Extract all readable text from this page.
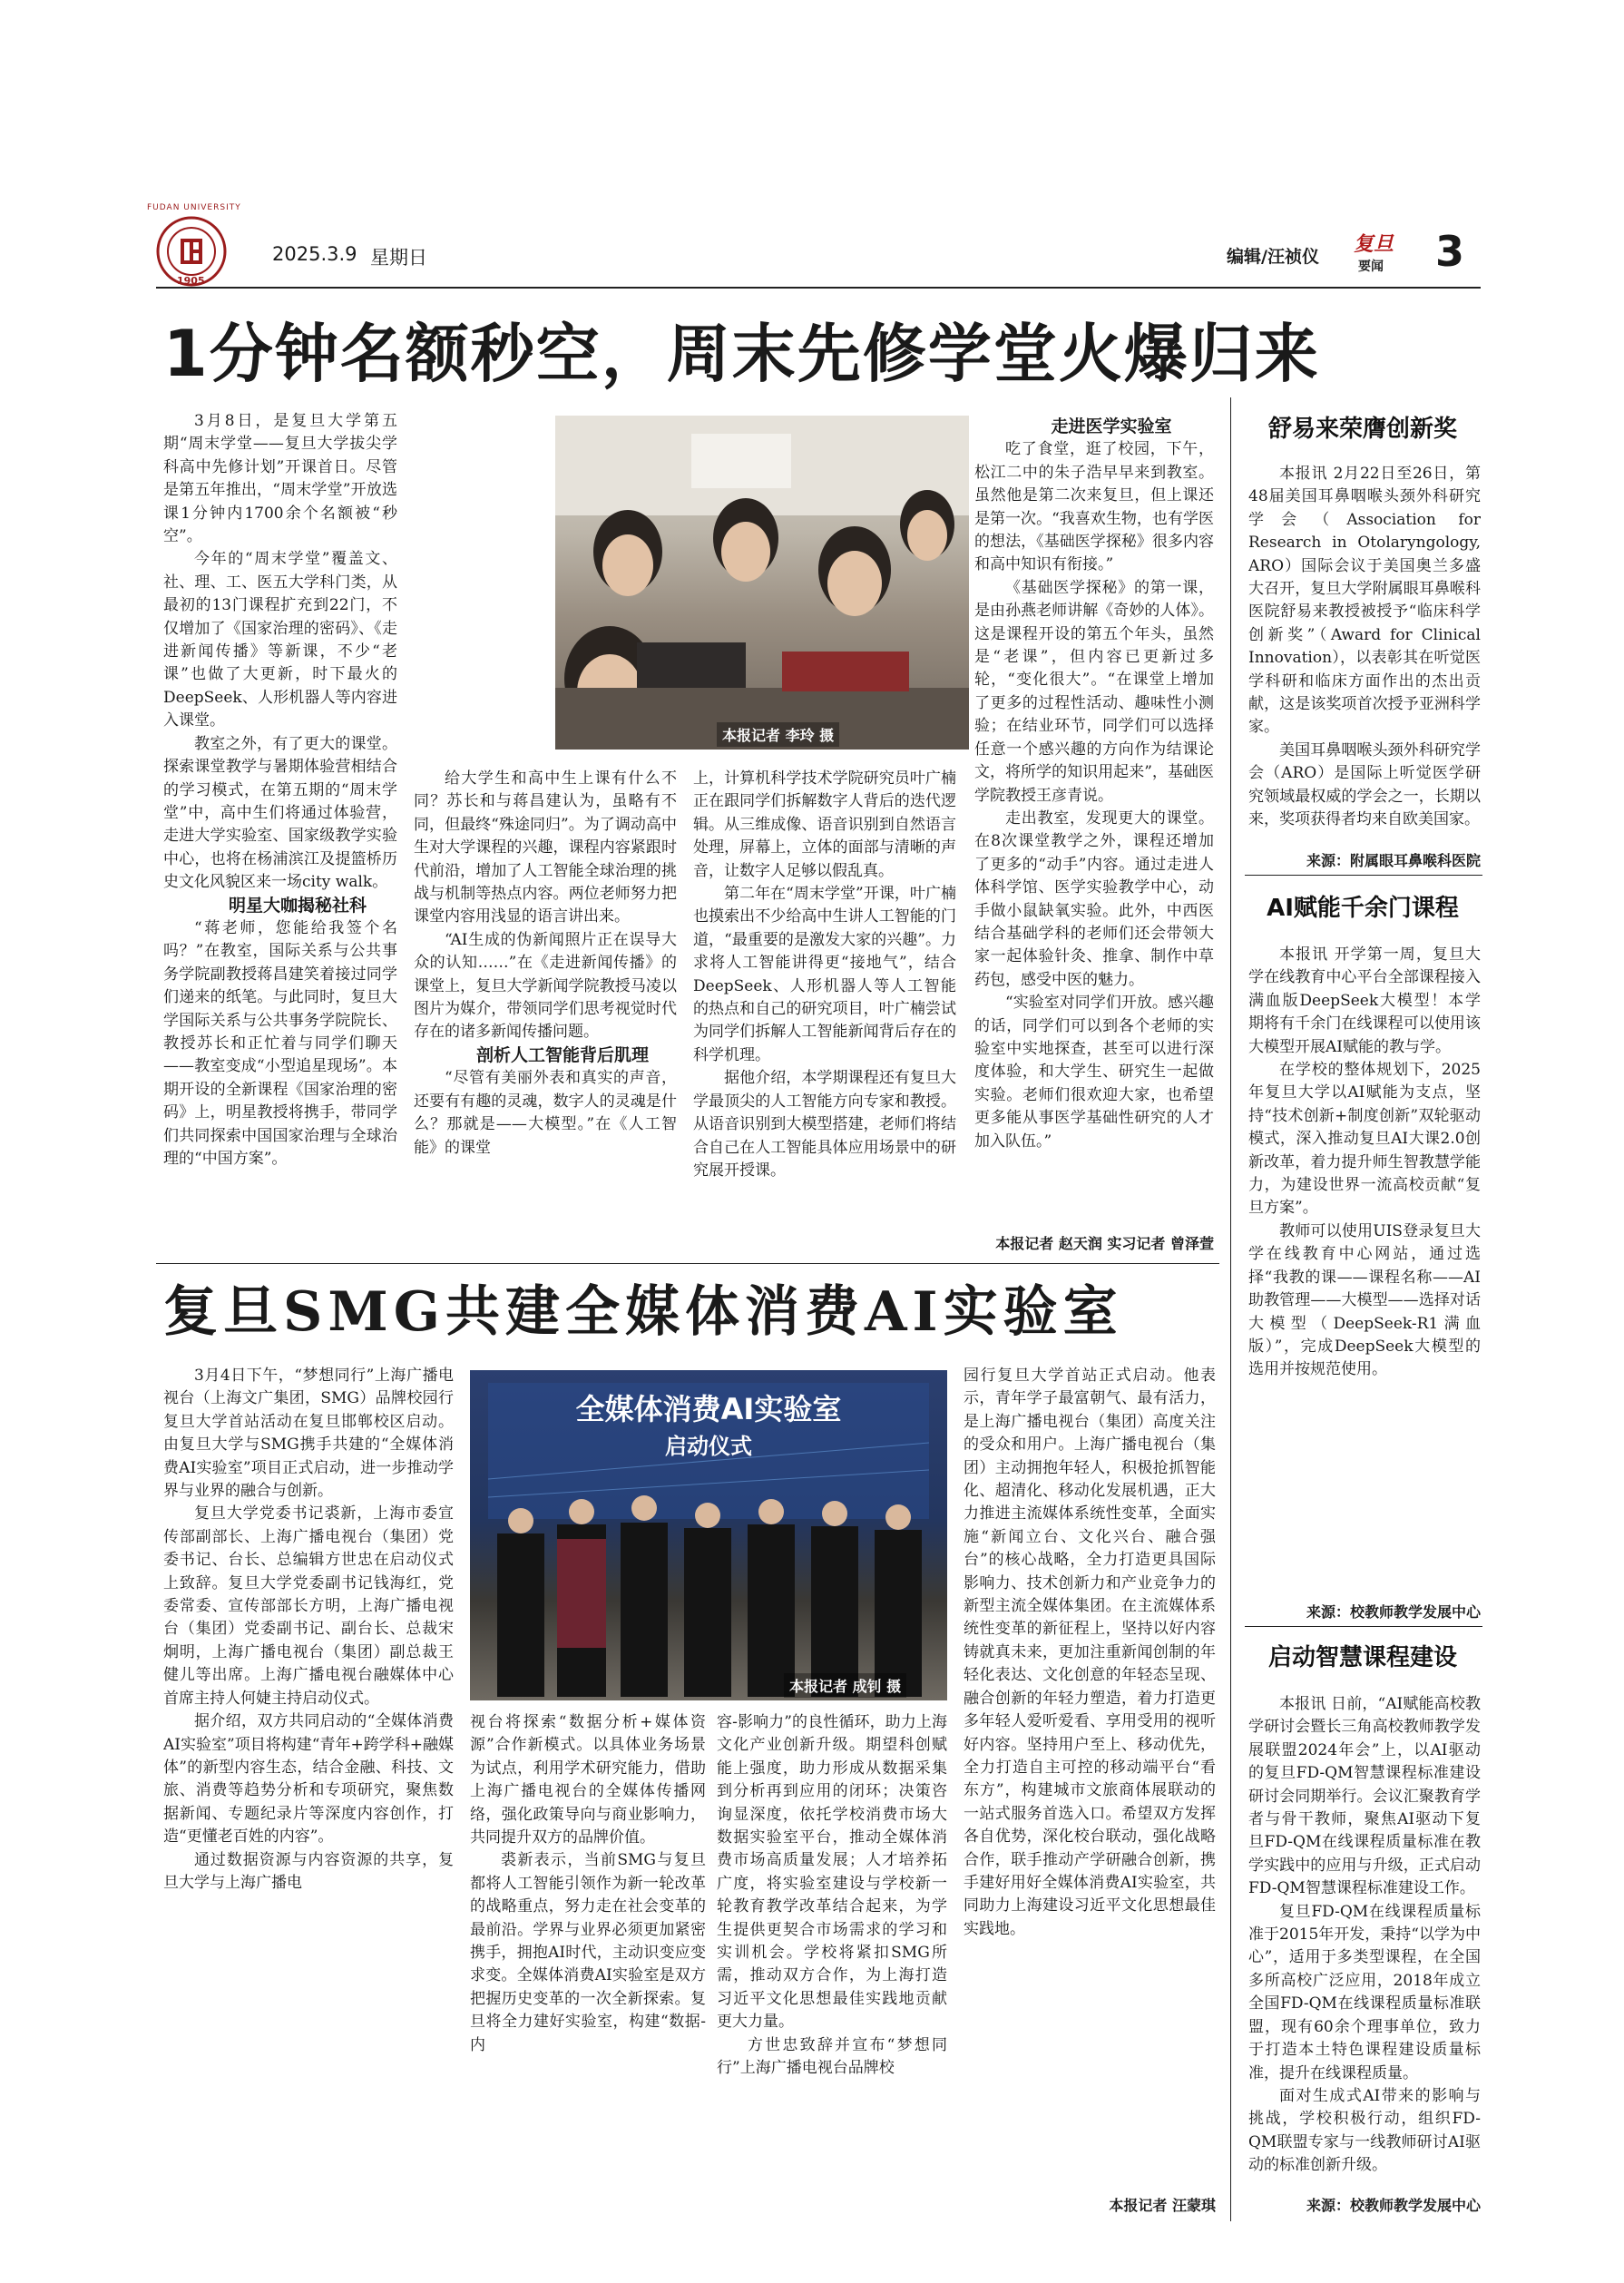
1905
FUDAN UNIVERSITY
2025.3.9 星期日	编辑/汪祯仪
复旦
要闻 3
1分钟名额秒空，周末先修学堂火爆归来
本报记者 李玲 摄

3月8日，是复旦大学第五期“周末学堂——复旦大学拔尖学科高中先修计划”开课首日。尽管是第五年推出，“周末学堂”开放选课1分钟内1700余个名额被“秒空”。

今年的“周末学堂”覆盖文、社、理、工、医五大学科门类，从最初的13门课程扩充到22门，不仅增加了《国家治理的密码》、《走进新闻传播》等新课，不少“老课”也做了大更新，时下最火的DeepSeek、人形机器人等内容进入课堂。

教室之外，有了更大的课堂。探索课堂教学与暑期体验营相结合的学习模式，在第五期的“周末学堂”中，高中生们将通过体验营，走进大学实验室、国家级教学实验中心，也将在杨浦滨江及提篮桥历史文化风貌区来一场city walk。

明星大咖揭秘社科

“蒋老师，您能给我签个名吗？”在教室，国际关系与公共事务学院副教授蒋昌建笑着接过同学们递来的纸笔。与此同时，复旦大学国际关系与公共事务学院院长、教授苏长和正忙着与同学们聊天——教室变成“小型追星现场”。本期开设的全新课程《国家治理的密码》上，明星教授将携手，带同学们共同探索中国国家治理与全球治理的“中国方案”。

给大学生和高中生上课有什么不同？苏长和与蒋昌建认为，虽略有不同，但最终“殊途同归”。为了调动高中生对大学课程的兴趣，课程内容紧跟时代前沿，增加了人工智能全球治理的挑战与机制等热点内容。两位老师努力把课堂内容用浅显的语言讲出来。

“AI生成的伪新闻照片正在误导大众的认知……”在《走进新闻传播》的课堂上，复旦大学新闻学院教授马凌以图片为媒介，带领同学们思考视觉时代存在的诸多新闻传播问题。

剖析人工智能背后肌理

“尽管有美丽外表和真实的声音，还要有有趣的灵魂，数字人的灵魂是什么？那就是——大模型。”在《人工智能》的课堂

上，计算机科学技术学院研究员叶广楠正在跟同学们拆解数字人背后的迭代逻辑。从三维成像、语音识别到自然语言处理，屏幕上，立体的面部与清晰的声音，让数字人足够以假乱真。

第二年在“周末学堂”开课，叶广楠也摸索出不少给高中生讲人工智能的门道，“最重要的是激发大家的兴趣”。力求将人工智能讲得更“接地气”，结合DeepSeek、人形机器人等人工智能的热点和自己的研究项目，叶广楠尝试为同学们拆解人工智能新闻背后存在的科学机理。

据他介绍，本学期课程还有复旦大学最顶尖的人工智能方向专家和教授。从语音识别到大模型搭建，老师们将结合自己在人工智能具体应用场景中的研究展开授课。

走进医学实验室

吃了食堂，逛了校园，下午，松江二中的朱子浩早早来到教室。虽然他是第二次来复旦，但上课还是第一次。“我喜欢生物，也有学医的想法，《基础医学探秘》很多内容和高中知识有衔接。”

《基础医学探秘》的第一课，是由孙燕老师讲解《奇妙的人体》。这是课程开设的第五个年头，虽然是“老课”，但内容已更新过多轮，“变化很大”。“在课堂上增加了更多的过程性活动、趣味性小测验；在结业环节，同学们可以选择任意一个感兴趣的方向作为结课论文，将所学的知识用起来”，基础医学院教授王彦青说。

走出教室，发现更大的课堂。在8次课堂教学之外，课程还增加了更多的“动手”内容。通过走进人体科学馆、医学实验教学中心，动手做小鼠缺氧实验。此外，中西医结合基础学科的老师们还会带领大家一起体验针灸、推拿、制作中草药包，感受中医的魅力。

“实验室对同学们开放。感兴趣的话，同学们可以到各个老师的实验室中实地探查，甚至可以进行深度体验，和大学生、研究生一起做实验。老师们很欢迎大家，也希望更多能从事医学基础性研究的人才加入队伍。”

本报记者 赵天润 实习记者 曾泽萱
复旦SMG共建全媒体消费AI实验室
全媒体消费AI实验室
启动仪式
本报记者 成钊 摄

3月4日下午，“梦想同行”上海广播电视台（上海文广集团，SMG）品牌校园行复旦大学首站活动在复旦邯郸校区启动。由复旦大学与SMG携手共建的“全媒体消费AI实验室”项目正式启动，进一步推动学界与业界的融合与创新。

复旦大学党委书记裘新，上海市委宣传部副部长、上海广播电视台（集团）党委书记、台长、总编辑方世忠在启动仪式上致辞。复旦大学党委副书记钱海红，党委常委、宣传部部长方明，上海广播电视台（集团）党委副书记、副台长、总裁宋炯明，上海广播电视台（集团）副总裁王健儿等出席。上海广播电视台融媒体中心首席主持人何婕主持启动仪式。

据介绍，双方共同启动的“全媒体消费AI实验室”项目将构建“青年+跨学科+融媒体”的新型内容生态，结合金融、科技、文旅、消费等趋势分析和专项研究，聚焦数据新闻、专题纪录片等深度内容创作，打造“更懂老百姓的内容”。

通过数据资源与内容资源的共享，复旦大学与上海广播电

视台将探索“数据分析+媒体资源”合作新模式。以具体业务场景为试点，利用学术研究能力，借助上海广播电视台的全媒体传播网络，强化政策导向与商业影响力，共同提升双方的品牌价值。

裘新表示，当前SMG与复旦都将人工智能引领作为新一轮改革的战略重点，努力走在社会变革的最前沿。学界与业界必须更加紧密携手，拥抱AI时代，主动识变应变求变。全媒体消费AI实验室是双方把握历史变革的一次全新探索。复旦将全力建好实验室，构建“数据-内

容-影响力”的良性循环，助力上海文化产业创新升级。期望科创赋能上强度，助力形成从数据采集到分析再到应用的闭环；决策咨询显深度，依托学校消费市场大数据实验室平台，推动全媒体消费市场高质量发展；人才培养拓广度，将实验室建设与学校新一轮教育教学改革结合起来，为学生提供更契合市场需求的学习和实训机会。学校将紧扣SMG所需，推动双方合作，为上海打造习近平文化思想最佳实践地贡献更大力量。

方世忠致辞并宣布“梦想同行”上海广播电视台品牌校

园行复旦大学首站正式启动。他表示，青年学子最富朝气、最有活力，是上海广播电视台（集团）高度关注的受众和用户。上海广播电视台（集团）主动拥抱年轻人，积极抢抓智能化、超清化、移动化发展机遇，正大力推进主流媒体系统性变革，全面实施“新闻立台、文化兴台、融合强台”的核心战略，全力打造更具国际影响力、技术创新力和产业竞争力的新型主流全媒体集团。在主流媒体系统性变革的新征程上，坚持以好内容铸就真未来，更加注重新闻创制的年轻化表达、文化创意的年轻态呈现、融合创新的年轻力塑造，着力打造更多年轻人爱听爱看、享用受用的视听好内容。坚持用户至上、移动优先，全力打造自主可控的移动端平台“看东方”，构建城市文旅商体展联动的一站式服务首选入口。希望双方发挥各自优势，深化校台联动，强化战略合作，联手推动产学研融合创新，携手建好用好全媒体消费AI实验室，共同助力上海建设习近平文化思想最佳实践地。

本报记者 汪蒙琪
舒易来荣膺创新奖

本报讯 2月22日至26日，第48届美国耳鼻咽喉头颈外科研究学会（Association for Research in Otolaryngology, ARO）国际会议于美国奥兰多盛大召开，复旦大学附属眼耳鼻喉科医院舒易来教授被授予“临床科学创新奖”（Award for Clinical Innovation），以表彰其在听觉医学科研和临床方面作出的杰出贡献，这是该奖项首次授予亚洲科学家。

美国耳鼻咽喉头颈外科研究学会（ARO）是国际上听觉医学研究领域最权威的学会之一，长期以来，奖项获得者均来自欧美国家。

来源：附属眼耳鼻喉科医院
AI赋能千余门课程

本报讯 开学第一周，复旦大学在线教育中心平台全部课程接入满血版DeepSeek大模型！本学期将有千余门在线课程可以使用该大模型开展AI赋能的教与学。

在学校的整体规划下，2025年复旦大学以AI赋能为支点，坚持“技术创新+制度创新”双轮驱动模式，深入推动复旦AI大课2.0创新改革，着力提升师生智教慧学能力，为建设世界一流高校贡献“复旦方案”。

教师可以使用UIS登录复旦大学在线教育中心网站，通过选择“我教的课——课程名称——AI助教管理——大模型——选择对话大模型（DeepSeek-R1满血版）”，完成DeepSeek大模型的选用并按规范使用。

来源：校教师教学发展中心
启动智慧课程建设

本报讯 日前，“AI赋能高校教学研讨会暨长三角高校教师教学发展联盟2024年会”上，以AI驱动的复旦FD-QM智慧课程标准建设研讨会同期举行。会议汇聚教育学者与骨干教师，聚焦AI驱动下复旦FD-QM在线课程质量标准在教学实践中的应用与升级，正式启动FD-QM智慧课程标准建设工作。

复旦FD-QM在线课程质量标准于2015年开发，秉持“以学为中心”，适用于多类型课程，在全国多所高校广泛应用，2018年成立全国FD-QM在线课程质量标准联盟，现有60余个理事单位，致力于打造本土特色课程建设质量标准，提升在线课程质量。

面对生成式AI带来的影响与挑战，学校积极行动，组织FD-QM联盟专家与一线教师研讨AI驱动的标准创新升级。

来源：校教师教学发展中心
